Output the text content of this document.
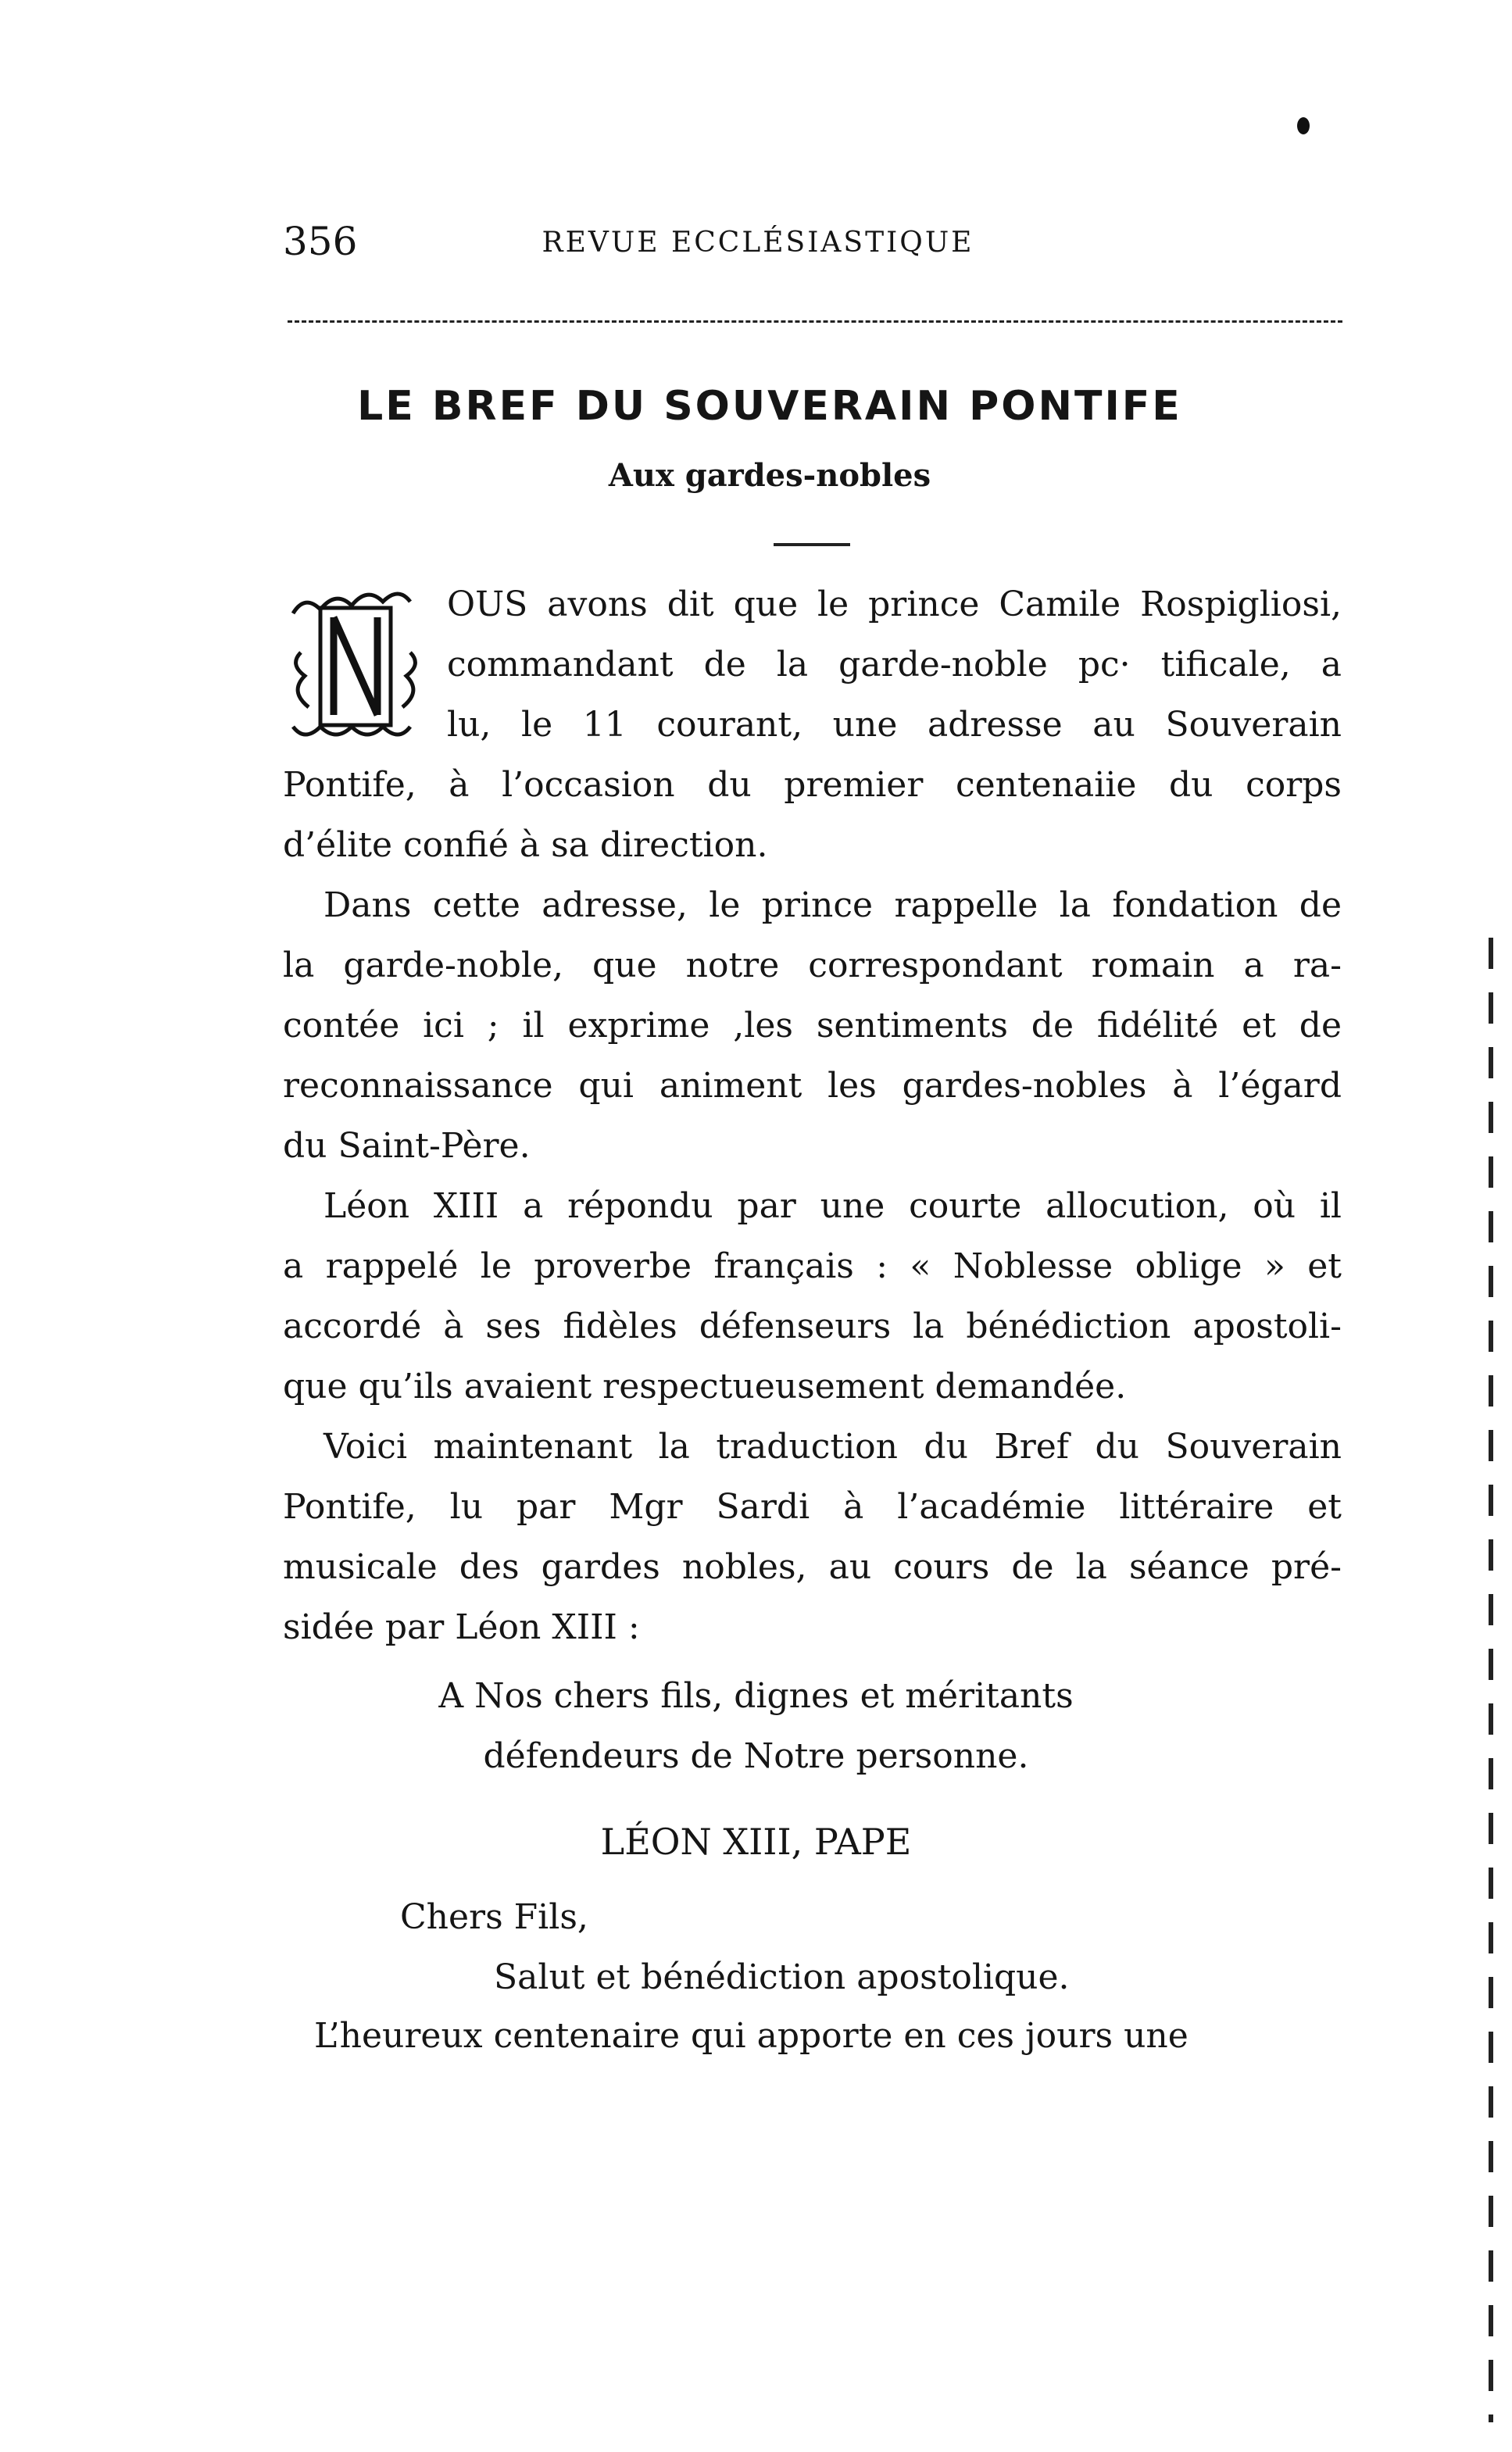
356	REVUE ECCLÉSIASTIQUE
LE BREF DU SOUVERAIN PONTIFE
Aux gardes-nobles
N
OUS avons dit que le prince Camile Rospigliosi,
commandant de la garde-noble pc· tificale, a
lu, le 11 courant, une adresse au Souverain
Pontife, à l’occasion du premier centenaiie du corps
d’élite confié à sa direction.
Dans cette adresse, le prince rappelle la fondation de
la garde-noble, que notre correspondant romain a ra-
contée ici ; il exprime ,les sentiments de fidélité et de
reconnaissance qui animent les gardes-nobles à l’égard
du Saint-Père.
Léon XIII a répondu par une courte allocution, où il
a rappelé le proverbe français : « Noblesse oblige » et
accordé à ses fidèles défenseurs la bénédiction apostoli-
que qu’ils avaient respectueusement demandée.
Voici maintenant la traduction du Bref du Souverain
Pontife, lu par Mgr Sardi à l’académie littéraire et
musicale des gardes nobles, au cours de la séance pré-
sidée par Léon XIII :
A Nos chers fils, dignes et méritants
défendeurs de Notre personne.
LÉON XIII, PAPE
Chers Fils,
Salut et bénédiction apostolique.
L’heureux centenaire qui apporte en ces jours une
